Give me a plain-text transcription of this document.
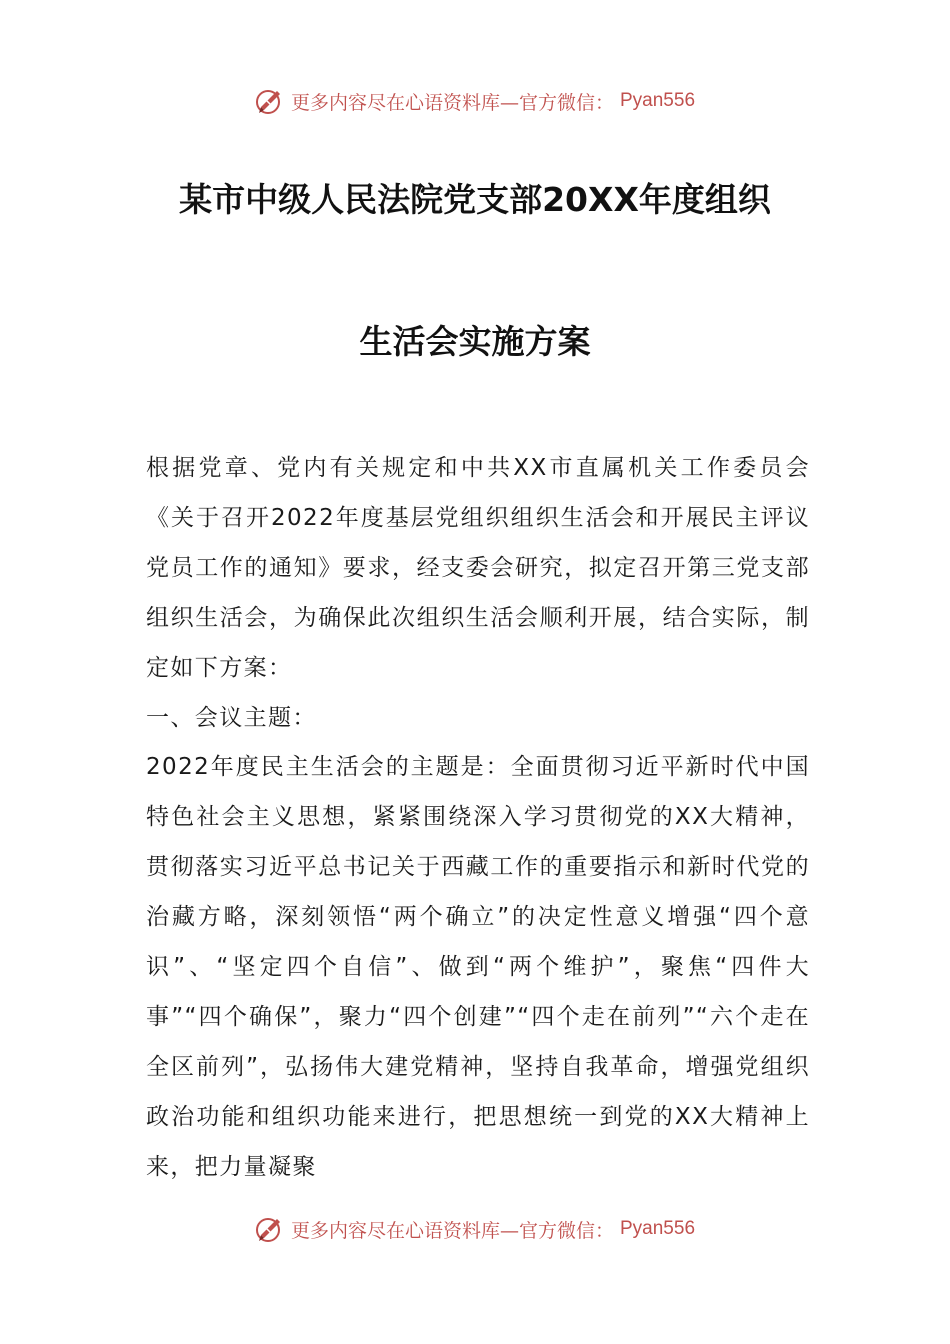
更多内容尽在心语资料库—官方微信： Pyan556
某市中级人民法院党支部20XX年度组织
生活会实施方案

根据党章、党内有关规定和中共XX市直属机关工作委员会《关于召开2022年度基层党组织组织生活会和开展民主评议党员工作的通知》要求，经支委会研究，拟定召开第三党支部组织生活会，为确保此次组织生活会顺利开展，结合实际，制定如下方案：

一、会议主题：

2022年度民主生活会的主题是：全面贯彻习近平新时代中国特色社会主义思想，紧紧围绕深入学习贯彻党的XX大精神，贯彻落实习近平总书记关于西藏工作的重要指示和新时代党的治藏方略，深刻领悟“两个确立”的决定性意义增强“四个意识”、“坚定四个自信”、做到“两个维护”，聚焦“四件大事”“四个确保”，聚力“四个创建”“四个走在前列”“六个走在全区前列”，弘扬伟大建党精神，坚持自我革命，增强党组织政治功能和组织功能来进行，把思想统一到党的XX大精神上来，把力量凝聚

更多内容尽在心语资料库—官方微信： Pyan556
